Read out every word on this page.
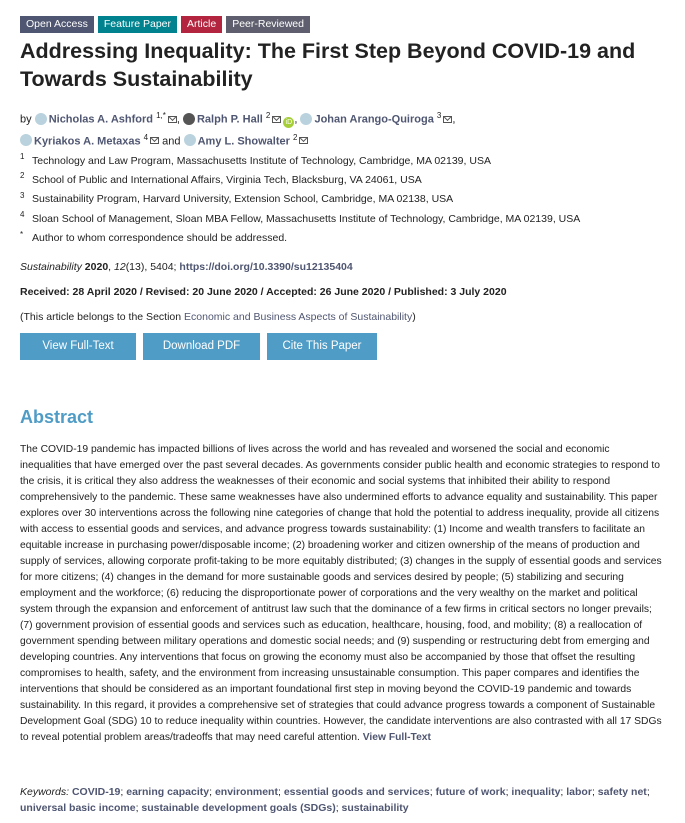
Open Access	Feature Paper	Article	Peer-Reviewed
Addressing Inequality: The First Step Beyond COVID-19 and Towards Sustainability
by Nicholas A. Ashford $^{1,*}$ , Ralph P. Hall $^2$iD , Johan Arango-Quiroga $^3$ ,
Kyriakos A. Metaxas $^4$ and Amy L. Showalter $^2$
1 Technology and Law Program, Massachusetts Institute of Technology, Cambridge, MA 02139, USA
2 School of Public and International Affairs, Virginia Tech, Blacksburg, VA 24061, USA
3 Sustainability Program, Harvard University, Extension School, Cambridge, MA 02138, USA
4 Sloan School of Management, Sloan MBA Fellow, Massachusetts Institute of Technology, Cambridge, MA 02139, USA
* Author to whom correspondence should be addressed.
Sustainability 2020, 12(13), 5404; https://doi.org/10.3390/su12135404
Received: 28 April 2020 / Revised: 20 June 2020 / Accepted: 26 June 2020 / Published: 3 July 2020
(This article belongs to the Section Economic and Business Aspects of Sustainability)
View Full-Text	Download PDF	Cite This Paper
Abstract

The COVID-19 pandemic has impacted billions of lives across the world and has revealed and worsened the social and economic inequalities that have emerged over the past several decades. As governments consider public health and economic strategies to respond to the crisis, it is critical they also address the weaknesses of their economic and social systems that inhibited their ability to respond comprehensively to the pandemic. These same weaknesses have also undermined efforts to advance equality and sustainability. This paper explores over 30 interventions across the following nine categories of change that hold the potential to address inequality, provide all citizens with access to essential goods and services, and advance progress towards sustainability: (1) Income and wealth transfers to facilitate an equitable increase in purchasing power/disposable income; (2) broadening worker and citizen ownership of the means of production and supply of services, allowing corporate profit-taking to be more equitably distributed; (3) changes in the supply of essential goods and services for more citizens; (4) changes in the demand for more sustainable goods and services desired by people; (5) stabilizing and securing employment and the workforce; (6) reducing the disproportionate power of corporations and the very wealthy on the market and political system through the expansion and enforcement of antitrust law such that the dominance of a few firms in critical sectors no longer prevails; (7) government provision of essential goods and services such as education, healthcare, housing, food, and mobility; (8) a reallocation of government spending between military operations and domestic social needs; and (9) suspending or restructuring debt from emerging and developing countries. Any interventions that focus on growing the economy must also be accompanied by those that offset the resulting compromises to health, safety, and the environment from increasing unsustainable consumption. This paper compares and identifies the interventions that should be considered as an important foundational first step in moving beyond the COVID-19 pandemic and towards sustainability. In this regard, it provides a comprehensive set of strategies that could advance progress towards a component of Sustainable Development Goal (SDG) 10 to reduce inequality within countries. However, the candidate interventions are also contrasted with all 17 SDGs to reveal potential problem areas/tradeoffs that may need careful attention. View Full-Text

Keywords: COVID-19; earning capacity; environment; essential goods and services; future of work; inequality; labor; safety net; universal basic income; sustainable development goals (SDGs); sustainability
